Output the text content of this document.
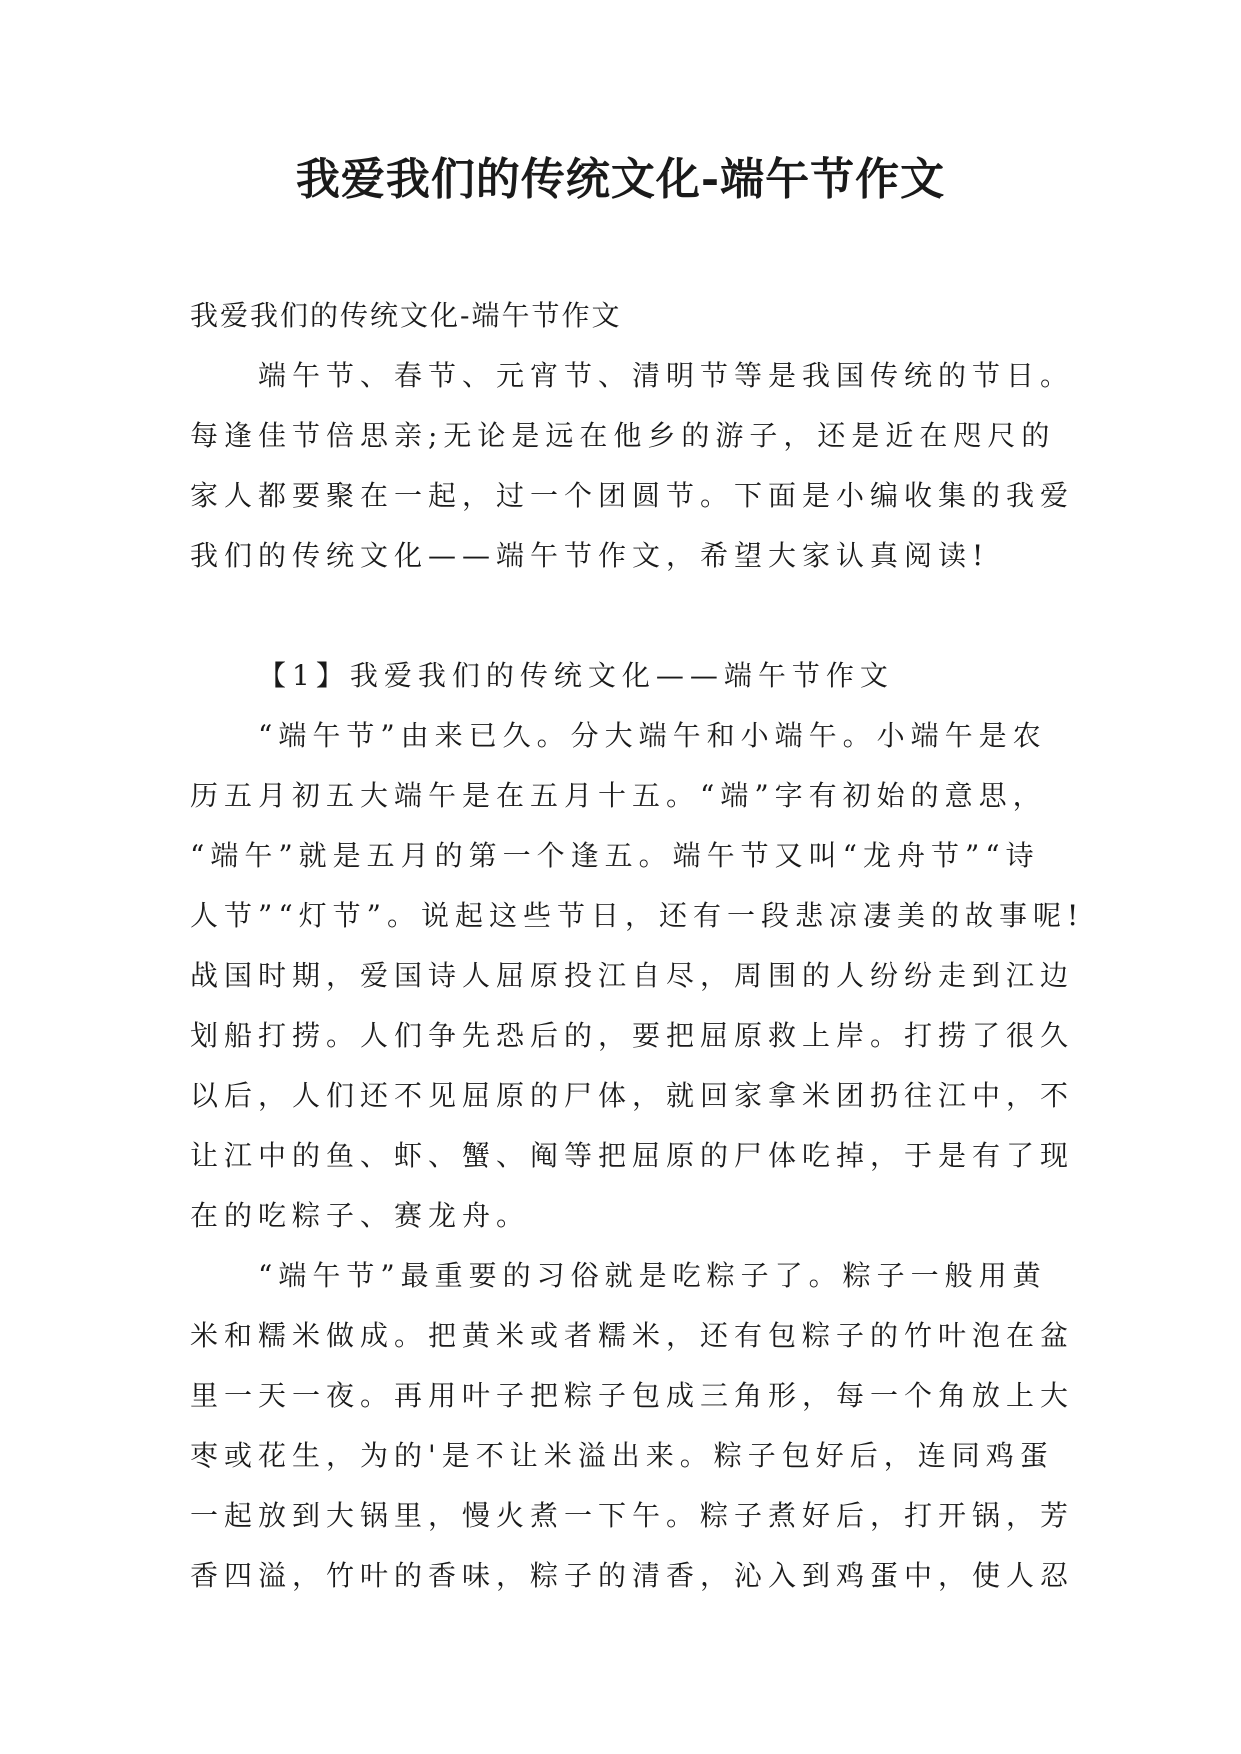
我爱我们的传统文化-端午节作文
我爱我们的传统文化-端午节作文
端午节、春节、元宵节、清明节等是我国传统的节日。
每逢佳节倍思亲;无论是远在他乡的游子，还是近在咫尺的
家人都要聚在一起，过一个团圆节。下面是小编收集的我爱
我们的传统文化——端午节作文，希望大家认真阅读!
【1】我爱我们的传统文化——端午节作文
“端午节”由来已久。分大端午和小端午。小端午是农
历五月初五大端午是在五月十五。“端”字有初始的意思，
“端午”就是五月的第一个逢五。端午节又叫“龙舟节”“诗
人节”“灯节”。说起这些节日，还有一段悲凉凄美的故事呢!
战国时期，爱国诗人屈原投江自尽，周围的人纷纷走到江边
划船打捞。人们争先恐后的，要把屈原救上岸。打捞了很久
以后，人们还不见屈原的尸体，就回家拿米团扔往江中，不
让江中的鱼、虾、蟹、阄等把屈原的尸体吃掉，于是有了现
在的吃粽子、赛龙舟。
“端午节”最重要的习俗就是吃粽子了。粽子一般用黄
米和糯米做成。把黄米或者糯米，还有包粽子的竹叶泡在盆
里一天一夜。再用叶子把粽子包成三角形，每一个角放上大
枣或花生，为的'是不让米溢出来。粽子包好后，连同鸡蛋
一起放到大锅里，慢火煮一下午。粽子煮好后，打开锅，芳
香四溢，竹叶的香味，粽子的清香，沁入到鸡蛋中，使人忍
